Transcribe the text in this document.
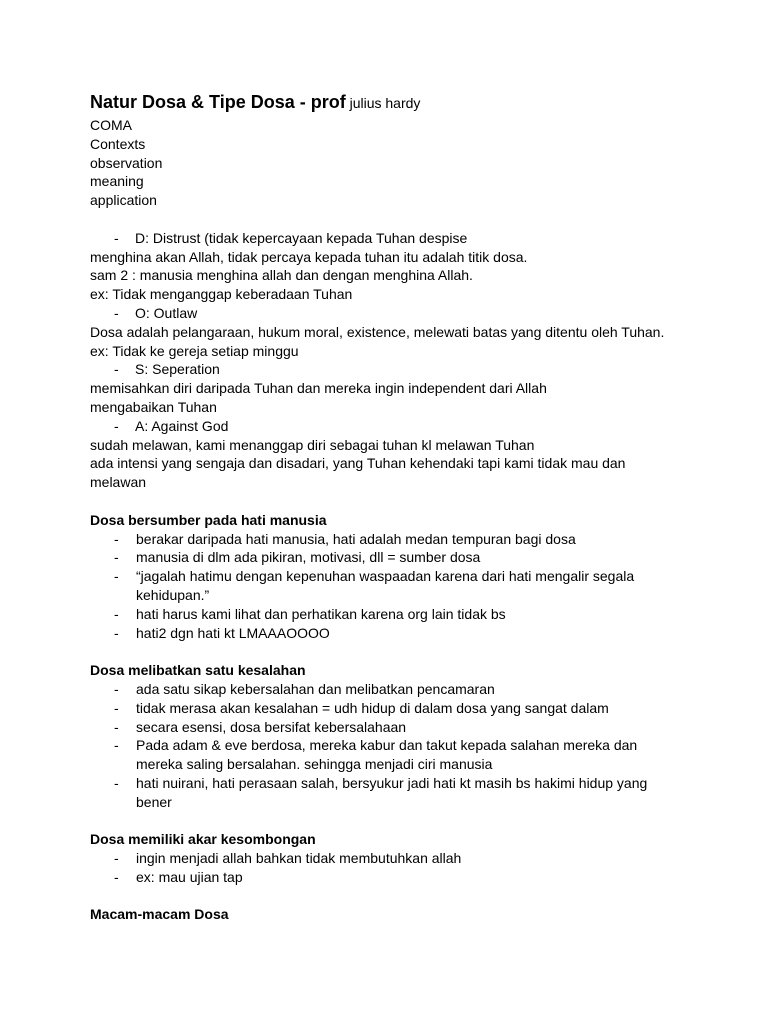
Natur Dosa & Tipe Dosa - prof julius hardy
COMA
Contexts
observation
meaning
application
-	D: Distrust (tidak kepercayaan kepada Tuhan despise
menghina akan Allah, tidak percaya kepada tuhan itu adalah titik dosa.
sam 2 : manusia menghina allah dan dengan menghina Allah.
ex: Tidak menganggap keberadaan Tuhan
-	O: Outlaw
Dosa adalah pelangaraan, hukum moral, existence, melewati batas yang ditentu oleh Tuhan.
ex: Tidak ke gereja setiap minggu
-	S: Seperation
memisahkan diri daripada Tuhan dan mereka ingin independent dari Allah
mengabaikan Tuhan
-	A: Against God
sudah melawan, kami menanggap diri sebagai tuhan kl melawan Tuhan
ada intensi yang sengaja dan disadari, yang Tuhan kehendaki tapi kami tidak mau dan
melawan
Dosa bersumber pada hati manusia
-	berakar daripada hati manusia, hati adalah medan tempuran bagi dosa
-	manusia di dlm ada pikiran, motivasi, dll = sumber dosa
-	“jagalah hatimu dengan kepenuhan waspaadan karena dari hati mengalir segala kehidupan.”
-	hati harus kami lihat dan perhatikan karena org lain tidak bs
-	hati2 dgn hati kt LMAAAOOOO
Dosa melibatkan satu kesalahan
-	ada satu sikap kebersalahan dan melibatkan pencamaran
-	tidak merasa akan kesalahan = udh hidup di dalam dosa yang sangat dalam
-	secara esensi, dosa bersifat kebersalahaan
-	Pada adam & eve berdosa, mereka kabur dan takut kepada salahan mereka dan mereka saling bersalahan. sehingga menjadi ciri manusia
-	hati nuirani, hati perasaan salah, bersyukur jadi hati kt masih bs hakimi hidup yang bener
Dosa memiliki akar kesombongan
-	ingin menjadi allah bahkan tidak membutuhkan allah
-	ex: mau ujian tap
Macam-macam Dosa
